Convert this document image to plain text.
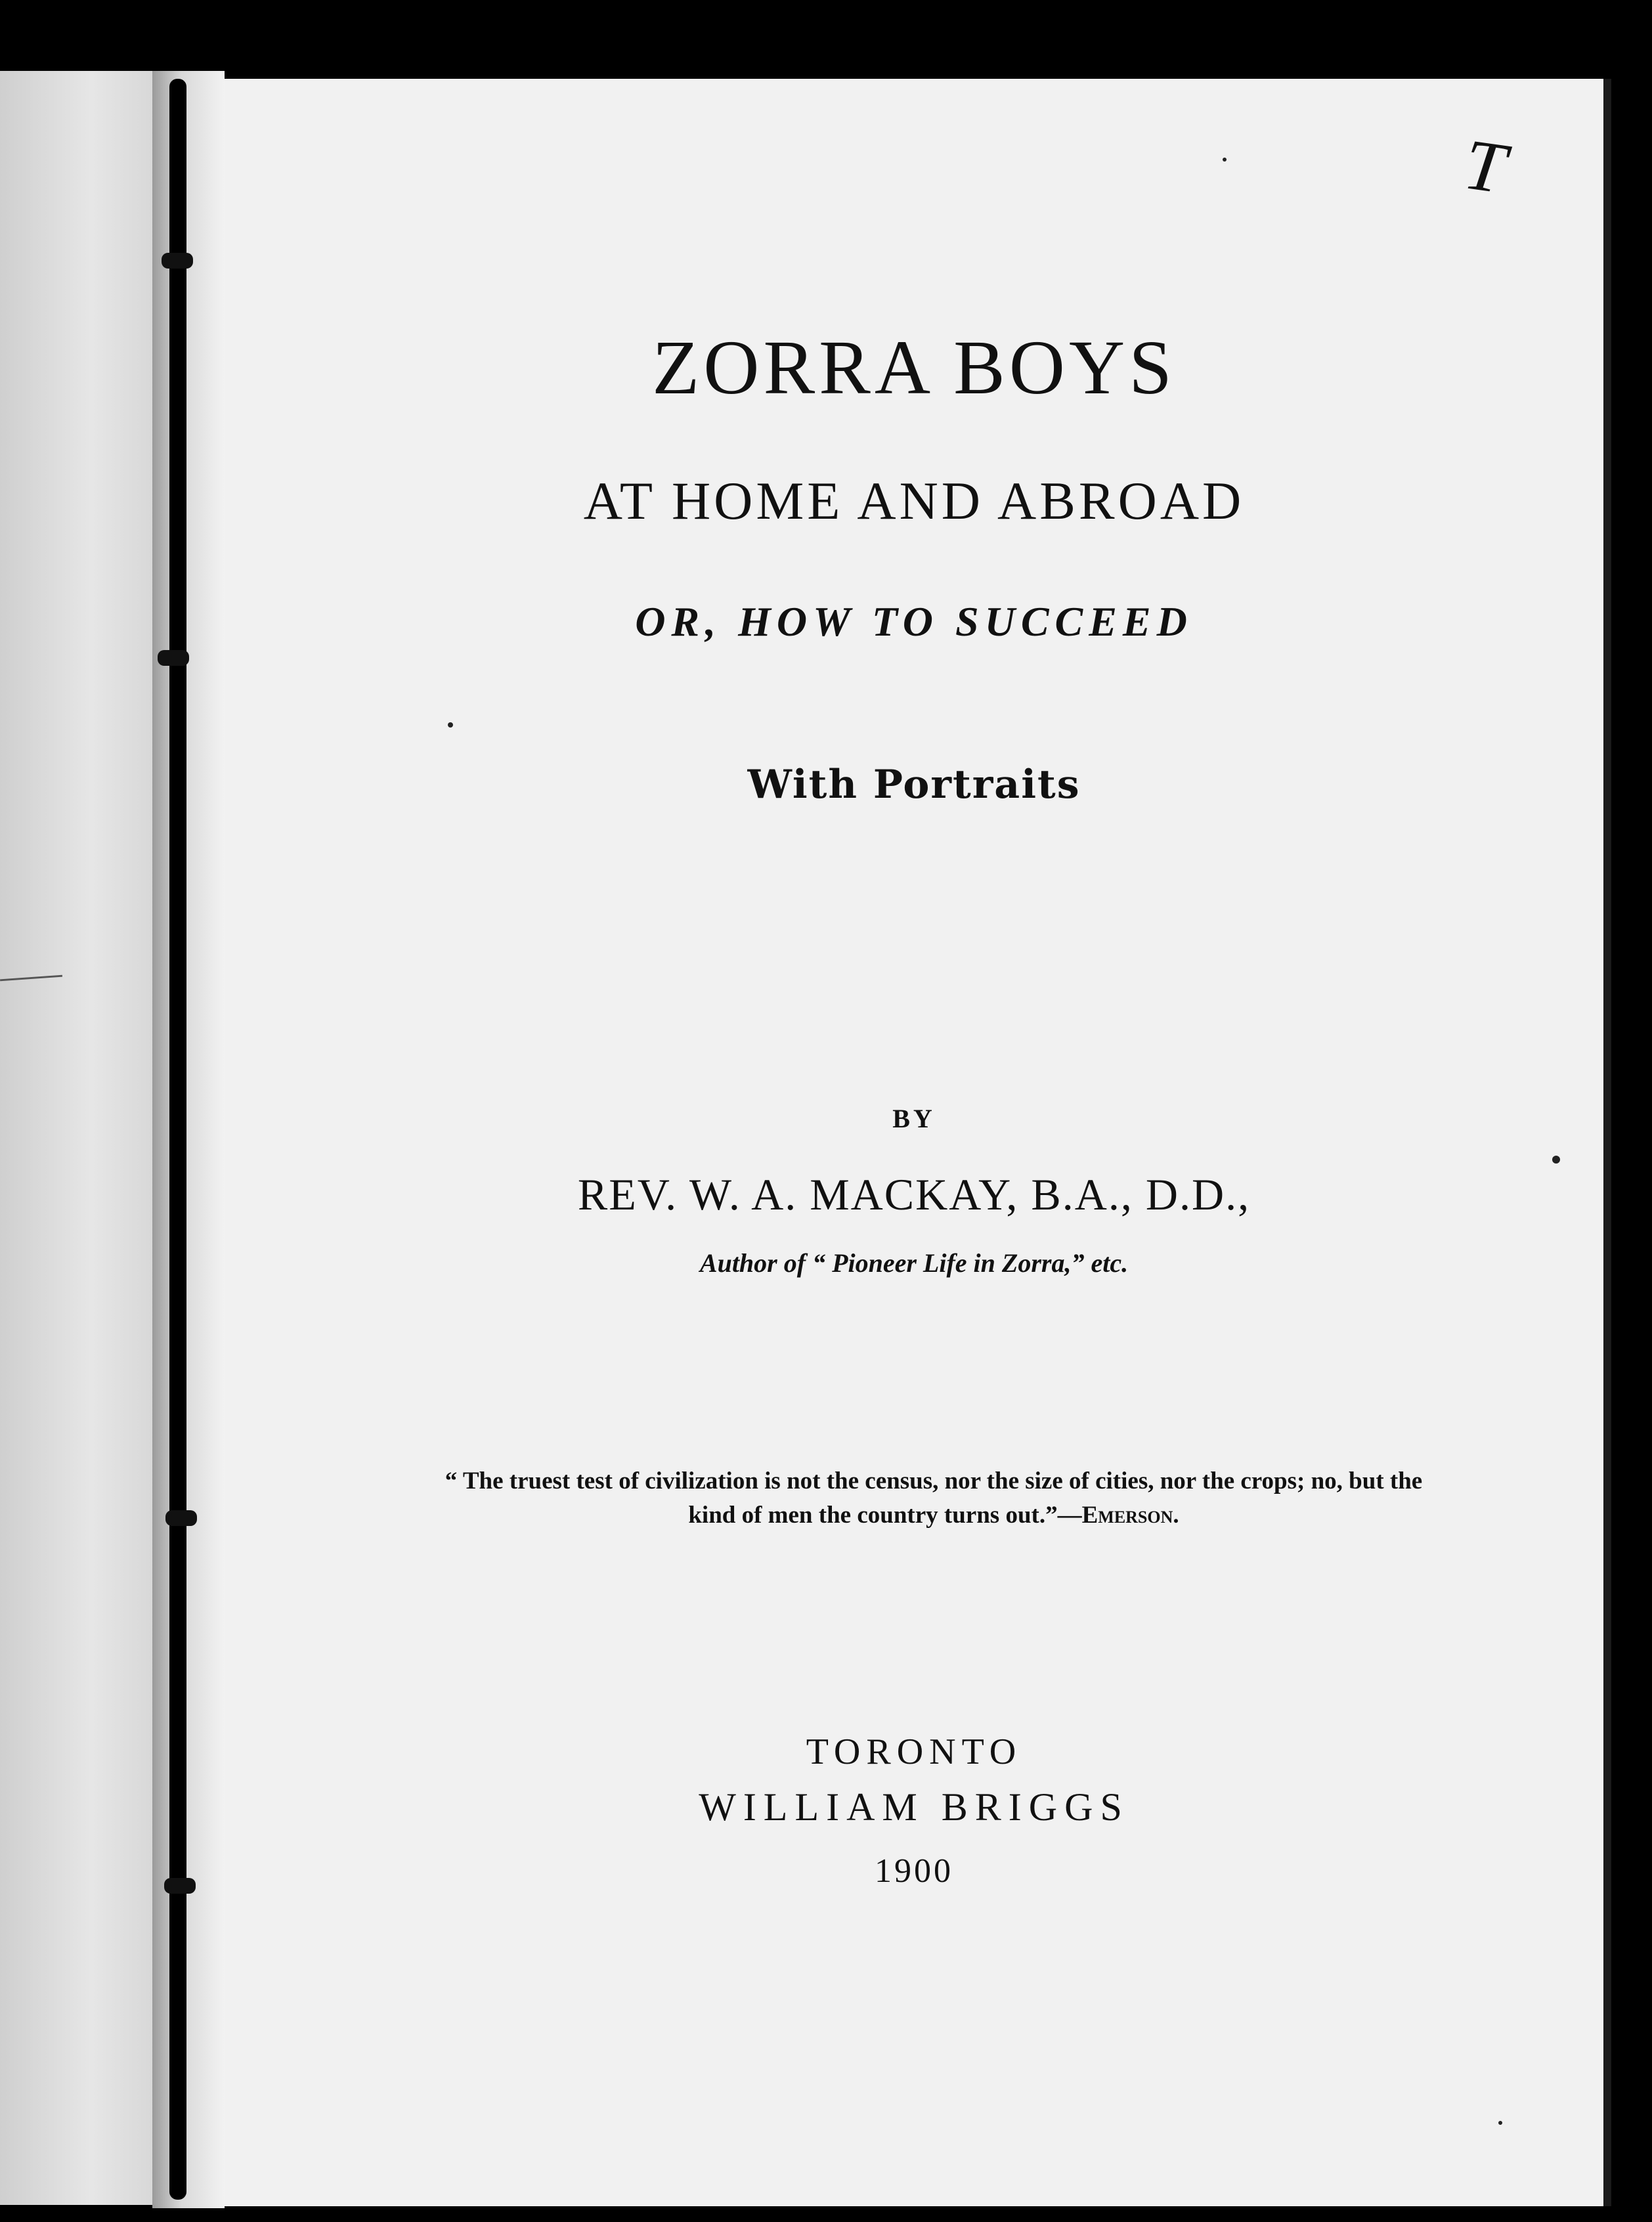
T
ZORRA BOYS
AT HOME AND ABROAD
OR, HOW TO SUCCEED
With Portraits
BY
REV. W. A. MACKAY, B.A., D.D.,
Author of “ Pioneer Life in Zorra,” etc.
“ The truest test of civilization is not the census, nor the size of cities, nor the crops; no, but the kind of men the country turns out.”—Emerson.
TORONTO
WILLIAM BRIGGS
1900
